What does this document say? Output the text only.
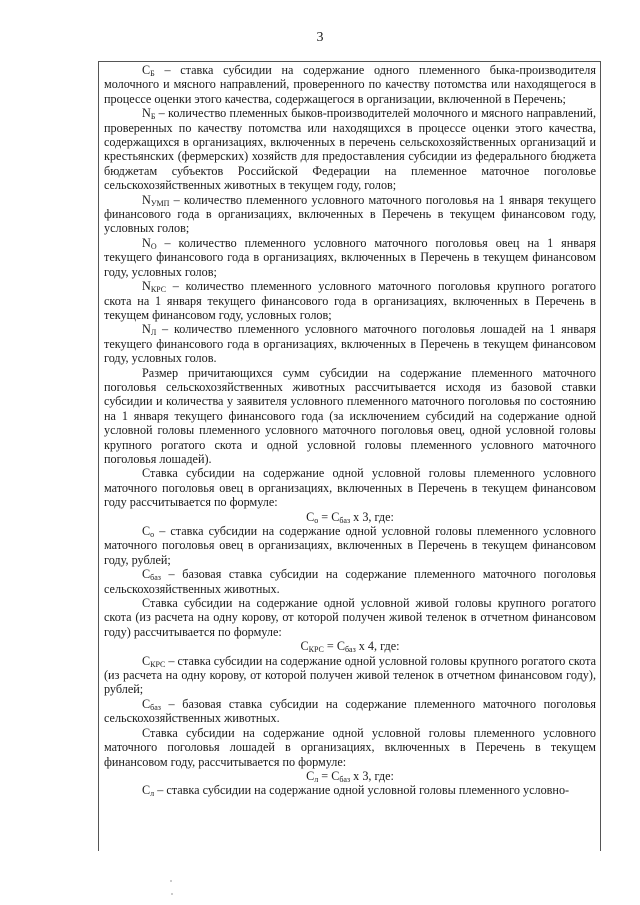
3

$С_Б$ – ставка субсидии на содержание одного племенного быка-производителя молочного и мясного направлений, проверенного по качеству потомства или находящегося в процессе оценки этого качества, содержащегося в организации, включенной в Перечень;

$N_Б$ – количество племенных быков-производителей молочного и мясного направлений, проверенных по качеству потомства или находящихся в процессе оценки этого качества, содержащихся в организациях, включенных в перечень сельскохозяйственных организаций и крестьянских (фермерских) хозяйств для предоставления субсидии из федерального бюджета бюджетам субъектов Российской Федерации на племенное маточное поголовье сельскохозяйственных животных в текущем году, голов;

$N_{УМП}$ – количество племенного условного маточного поголовья на 1 января текущего финансового года в организациях, включенных в Перечень в текущем финансовом году, условных голов;

$N_О$ – количество племенного условного маточного поголовья овец на 1 января текущего финансового года в организациях, включенных в Перечень в текущем финансовом году, условных голов;

$N_{КРС}$ – количество племенного условного маточного поголовья крупного рогатого скота на 1 января текущего финансового года в организациях, включенных в Перечень в текущем финансовом году, условных голов;

$N_Л$ – количество племенного условного маточного поголовья лошадей на 1 января текущего финансового года в организациях, включенных в Перечень в текущем финансовом году, условных голов.

Размер причитающихся сумм субсидии на содержание племенного маточного поголовья сельскохозяйственных животных рассчитывается исходя из базовой ставки субсидии и количества у заявителя условного племенного маточного поголовья по состоянию на 1 января текущего финансового года (за исключением субсидий на содержание одной условной головы племенного условного маточного поголовья овец, одной условной головы крупного рогатого скота и одной условной головы племенного условного маточного поголовья лошадей).

Ставка субсидии на содержание одной условной головы племенного условного маточного поголовья овец в организациях, включенных в Перечень в текущем финансовом году рассчитывается по формуле:

$С_о = С_{баз}$ х 3, где:

$С_о$ – ставка субсидии на содержание одной условной головы племенного условного маточного поголовья овец в организациях, включенных в Перечень в текущем финансовом году, рублей;

$С_{баз}$ – базовая ставка субсидии на содержание племенного маточного поголовья сельскохозяйственных животных.

Ставка субсидии на содержание одной условной живой головы крупного рогатого скота (из расчета на одну корову, от которой получен живой теленок в отчетном финансовом году) рассчитывается по формуле:

$С_{КРС} = С_{баз}$ х 4, где:

$С_{КРС}$ – ставка субсидии на содержание одной условной головы крупного рогатого скота (из расчета на одну корову, от которой получен живой теленок в отчетном финансовом году), рублей;

$С_{баз}$ – базовая ставка субсидии на содержание племенного маточного поголовья сельскохозяйственных животных.

Ставка субсидии на содержание одной условной головы племенного условного маточного поголовья лошадей в организациях, включенных в Перечень в текущем финансовом году, рассчитывается по формуле:

$С_л = С_{баз}$ х 3, где:

$С_л$ – ставка субсидии на содержание одной условной головы племенного условно-
